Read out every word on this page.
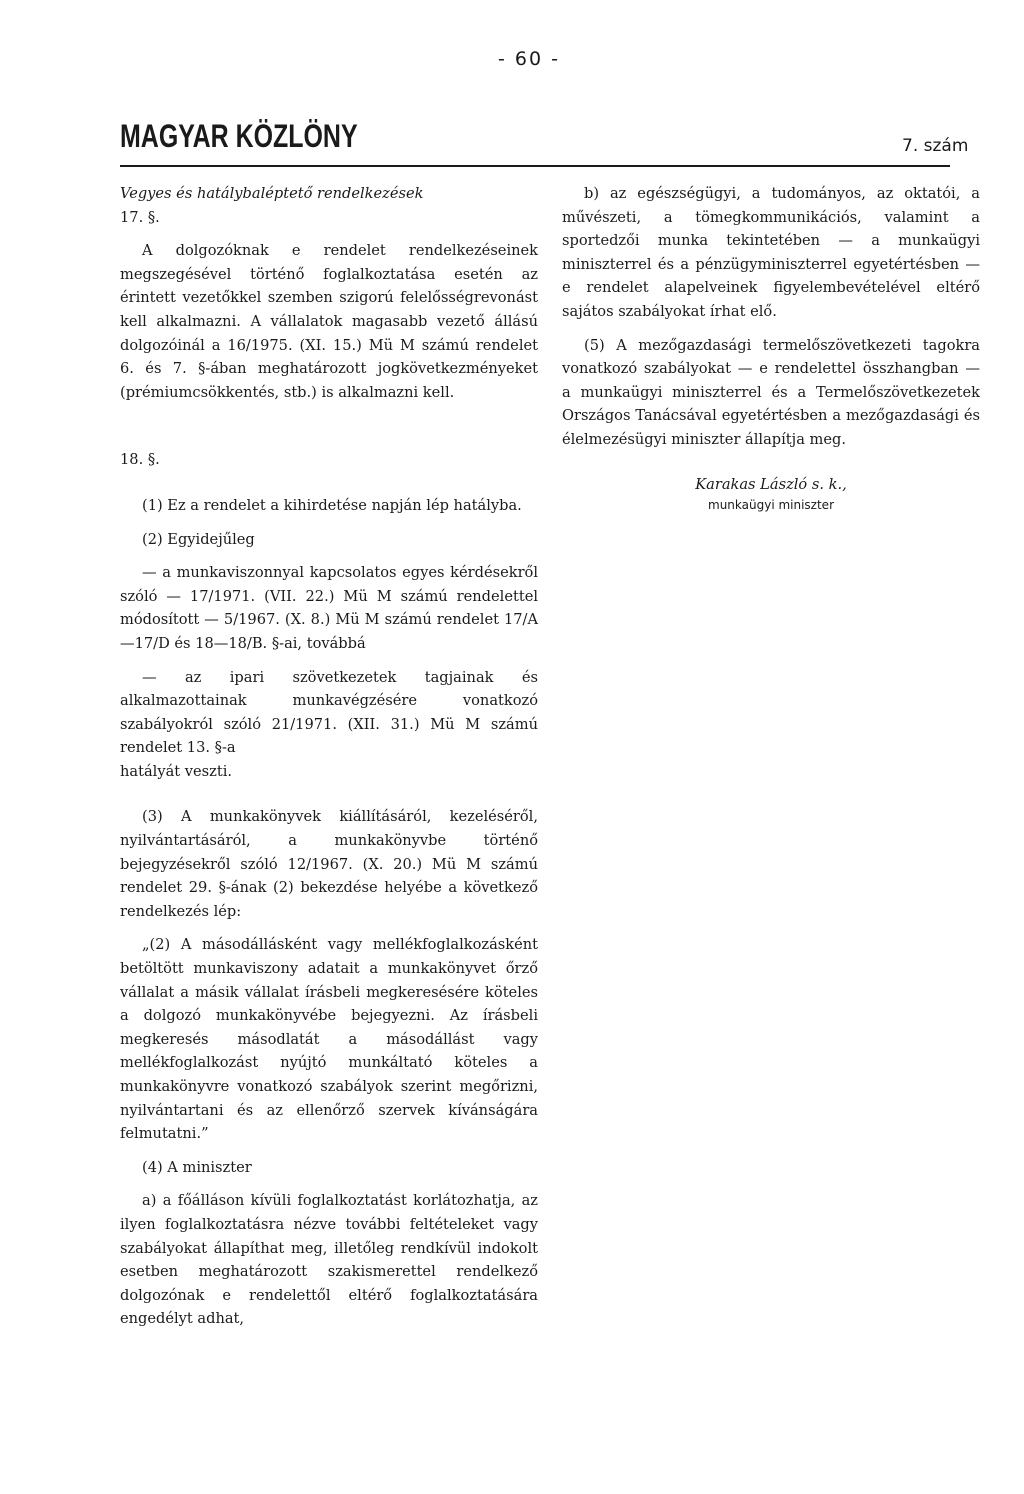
- 60 -
MAGYAR KÖZLÖNY	7. szám

Vegyes és hatálybaléptető rendelkezések

17. §.

A dolgozóknak e rendelet rendelkezéseinek megszegésével történő foglalkoztatása esetén az érintett vezetőkkel szemben szigorú felelősségrevonást kell alkalmazni. A vállalatok magasabb vezető állású dolgozóinál a 16/1975. (XI. 15.) Mü M számú rendelet 6. és 7. §-ában meghatározott jogkövetkezményeket (prémiumcsökkentés, stb.) is alkalmazni kell.

18. §.

(1) Ez a rendelet a kihirdetése napján lép hatályba.

(2) Egyidejűleg

— a munkaviszonnyal kapcsolatos egyes kérdésekről szóló — 17/1971. (VII. 22.) Mü M számú rendelettel módosított — 5/1967. (X. 8.) Mü M számú rendelet 17/A—17/D és 18—18/B. §-ai, továbbá

— az ipari szövetkezetek tagjainak és alkalmazottainak munkavégzésére vonatkozó szabályokról szóló 21/1971. (XII. 31.) Mü M számú rendelet 13. §-a

hatályát veszti.

(3) A munkakönyvek kiállításáról, kezeléséről, nyilvántartásáról, a munkakönyvbe történő bejegyzésekről szóló 12/1967. (X. 20.) Mü M számú rendelet 29. §-ának (2) bekezdése helyébe a következő rendelkezés lép:

„(2) A másodállásként vagy mellékfoglalkozásként betöltött munkaviszony adatait a munkakönyvet őrző vállalat a másik vállalat írásbeli megkeresésére köteles a dolgozó munkakönyvébe bejegyezni. Az írásbeli megkeresés másodlatát a másodállást vagy mellékfoglalkozást nyújtó munkáltató köteles a munkakönyvre vonatkozó szabályok szerint megőrizni, nyilvántartani és az ellenőrző szervek kívánságára felmutatni.”

(4) A miniszter

a) a főálláson kívüli foglalkoztatást korlátozhatja, az ilyen foglalkoztatásra nézve további feltételeket vagy szabályokat állapíthat meg, illetőleg rendkívül indokolt esetben meghatározott szakismerettel rendelkező dolgozónak e rendelettől eltérő foglalkoztatására engedélyt adhat,

b) az egészségügyi, a tudományos, az oktatói, a művészeti, a tömegkommunikációs, valamint a sportedzői munka tekintetében — a munkaügyi miniszterrel és a pénzügyminiszterrel egyetértésben — e rendelet alapelveinek figyelembevételével eltérő sajátos szabályokat írhat elő.

(5) A mezőgazdasági termelőszövetkezeti tagokra vonatkozó szabályokat — e rendelettel összhangban — a munkaügyi miniszterrel és a Termelőszövetkezetek Országos Tanácsával egyetértésben a mezőgazdasági és élelmezésügyi miniszter állapítja meg.

Karakas László s. k.,
munkaügyi miniszter
